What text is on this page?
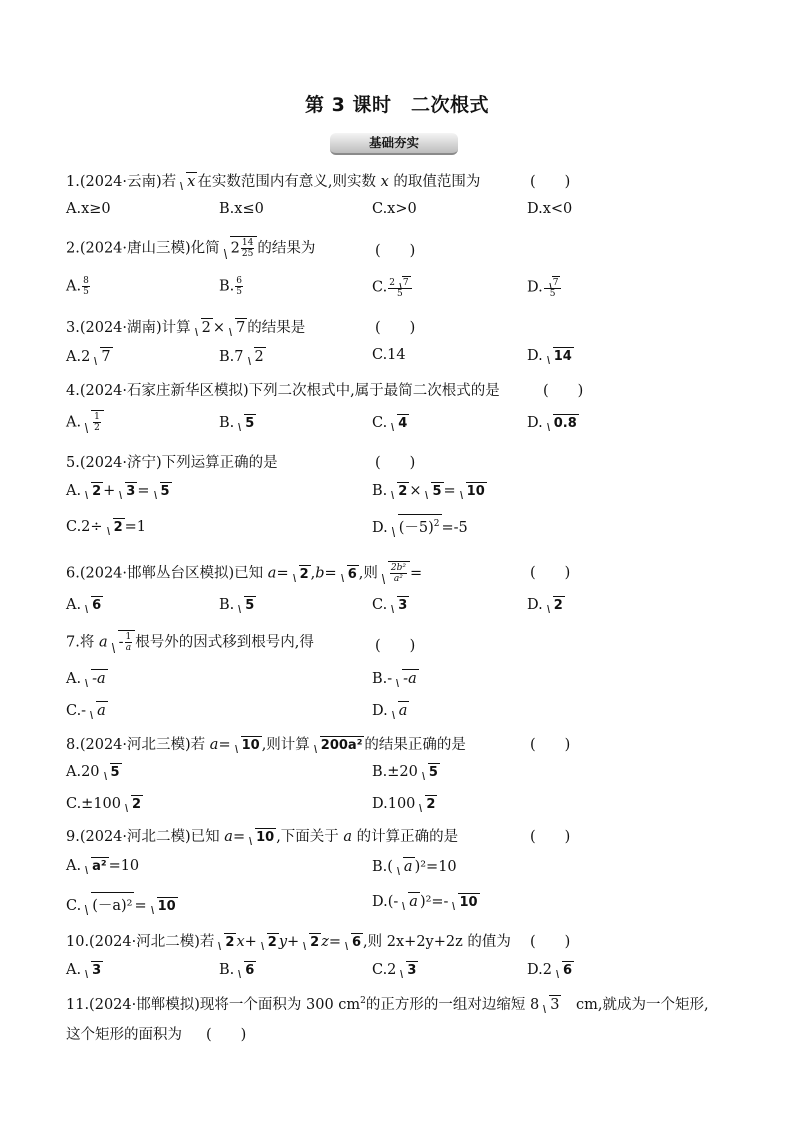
第 3 课时　二次根式
基础夯实
1.(2024·云南)若 x 在实数范围内有意义,则实数 x 的取值范围为	(　　)
A.x≥0	B.x≤0	C.x>0	D.x<0
2.(2024·唐山三模)化简 $2 \frac{14}{25}$ 的结果为	(　　)
A. $\frac{8}{5}$	B. $\frac{6}{5}$	C. $\frac{2 7}{5}$	D. $\frac{7}{5}$
3.(2024·湖南)计算 2 × 7 的结果是	(　　)
A.2 7	B.7 2	C.14	D. 14
4.(2024·石家庄新华区模拟)下列二次根式中,属于最简二次根式的是	(　　)
A. $\frac{1}{2}$	B. 5	C. 4	D. 0.8
5.(2024·济宁)下列运算正确的是	(　　)
A. 2 + 3 = 5	B. 2 × 5 = 10
C.2÷ 2 =1	D. $(-5)^2 =-5$
6.(2024·邯郸丛台区模拟)已知 a= 2 ,b= 6 ,则 $\frac{\text{2b²}}{\text{a²}}$ =	(　　)
A. 6	B. 5	C. 3	D. 2
7.将 a - $\frac{1}{a}$ 根号外的因式移到根号内,得	(　　)
A. -a	B.- -a
C.- a	D. a
8.(2024·河北三模)若 a= 10 ,则计算 200a² 的结果正确的是	(　　)
A.20 5	B.±20 5
C.±100 2	D.100 2
9.(2024·河北二模)已知 a= 10 ,下面关于 a 的计算正确的是	(　　)
A. a² =10	B.( a )²=10
C. (－a)² = 10	D.(- a )²=- 10
10.(2024·河北二模)若 2 x+ 2 y+ 2 z= 6 ,则 2x+2y+2z 的值为 (　　)
A. 3	B. 6	C.2 3	D.2 6
11.(2024·邯郸模拟)现将一个面积为 300 $cm^2$的正方形的一组对边缩短 8 3　cm,就成为一个矩形,
这个矩形的面积为 (　　)
